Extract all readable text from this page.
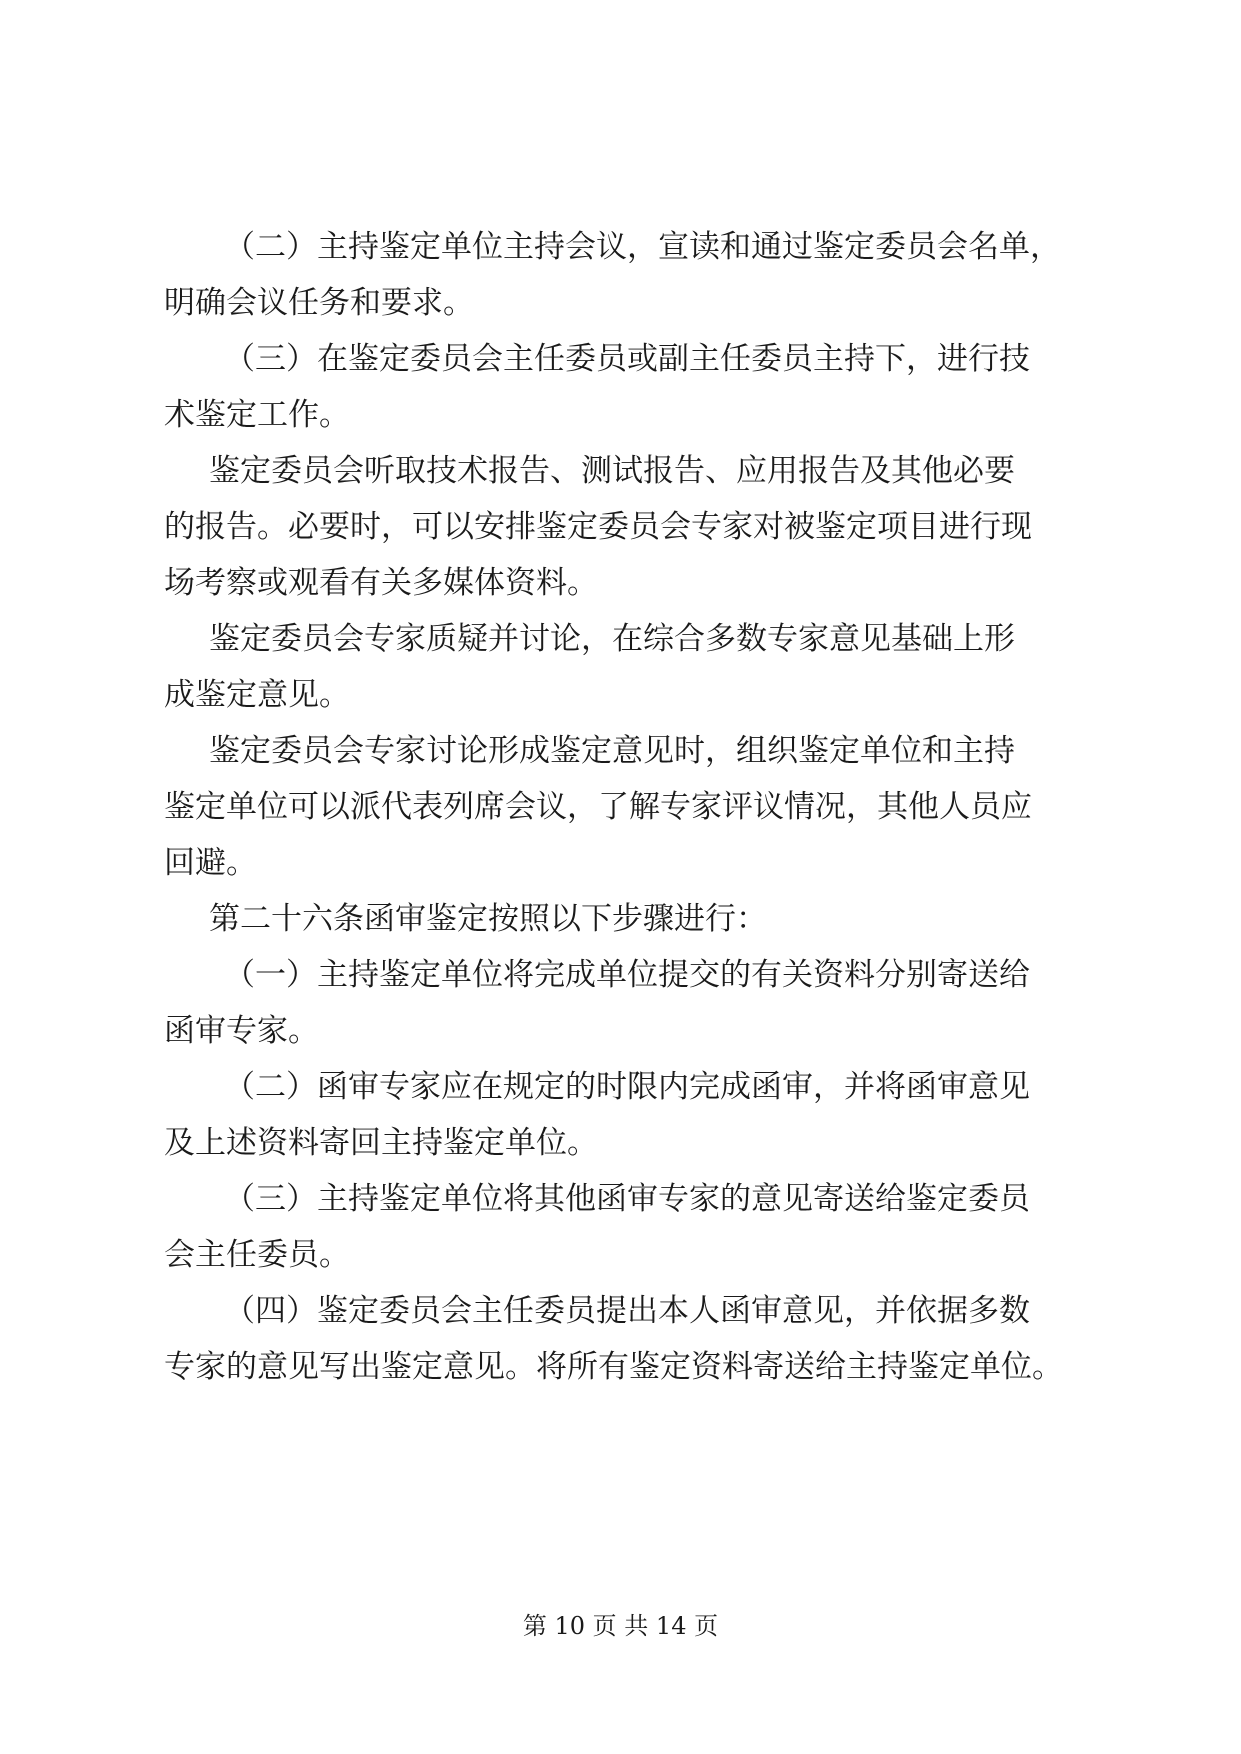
（二）主持鉴定单位主持会议，宣读和通过鉴定委员会名单，
明确会议任务和要求。
（三）在鉴定委员会主任委员或副主任委员主持下，进行技
术鉴定工作。
鉴定委员会听取技术报告、测试报告、应用报告及其他必要
的报告。必要时，可以安排鉴定委员会专家对被鉴定项目进行现
场考察或观看有关多媒体资料。
鉴定委员会专家质疑并讨论，在综合多数专家意见基础上形
成鉴定意见。
鉴定委员会专家讨论形成鉴定意见时，组织鉴定单位和主持
鉴定单位可以派代表列席会议，了解专家评议情况，其他人员应
回避。
第二十六条函审鉴定按照以下步骤进行：
（一）主持鉴定单位将完成单位提交的有关资料分别寄送给
函审专家。
（二）函审专家应在规定的时限内完成函审，并将函审意见
及上述资料寄回主持鉴定单位。
（三）主持鉴定单位将其他函审专家的意见寄送给鉴定委员
会主任委员。
（四）鉴定委员会主任委员提出本人函审意见，并依据多数
专家的意见写出鉴定意见。将所有鉴定资料寄送给主持鉴定单位。
第 10 页 共 14 页
